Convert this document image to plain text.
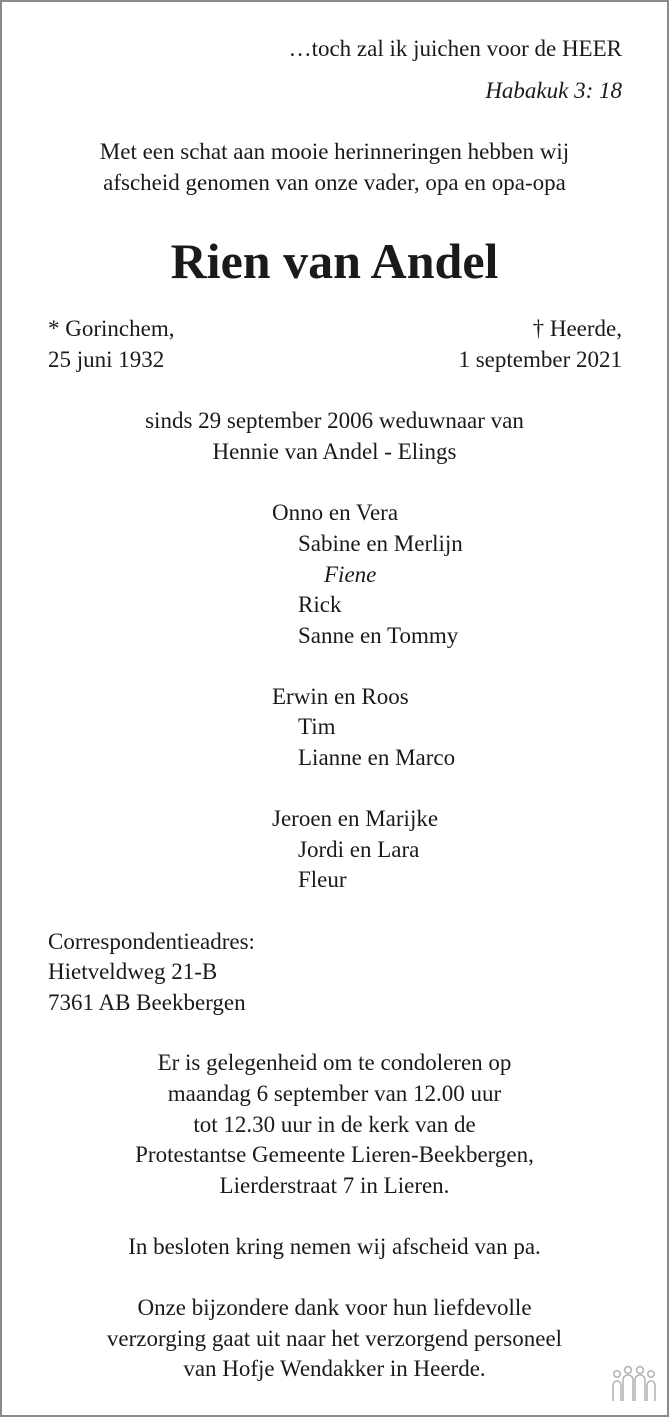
…toch zal ik juichen voor de HEER
Habakuk 3: 18
Met een schat aan mooie herinneringen hebben wij
afscheid genomen van onze vader, opa en opa-opa
Rien van Andel
* Gorinchem,
25 juni 1932
† Heerde,
1 september 2021
sinds 29 september 2006 weduwnaar van
Hennie van Andel - Elings
Onno en Vera
Sabine en Merlijn
Fiene
Rick
Sanne en Tommy
Erwin en Roos
Tim
Lianne en Marco
Jeroen en Marijke
Jordi en Lara
Fleur
Correspondentieadres:
Hietveldweg 21-B
7361 AB Beekbergen
Er is gelegenheid om te condoleren op
maandag 6 september van 12.00 uur
tot 12.30 uur in de kerk van de
Protestantse Gemeente Lieren-Beekbergen,
Lierderstraat 7 in Lieren.
In besloten kring nemen wij afscheid van pa.
Onze bijzondere dank voor hun liefdevolle
verzorging gaat uit naar het verzorgend personeel
van Hofje Wendakker in Heerde.
